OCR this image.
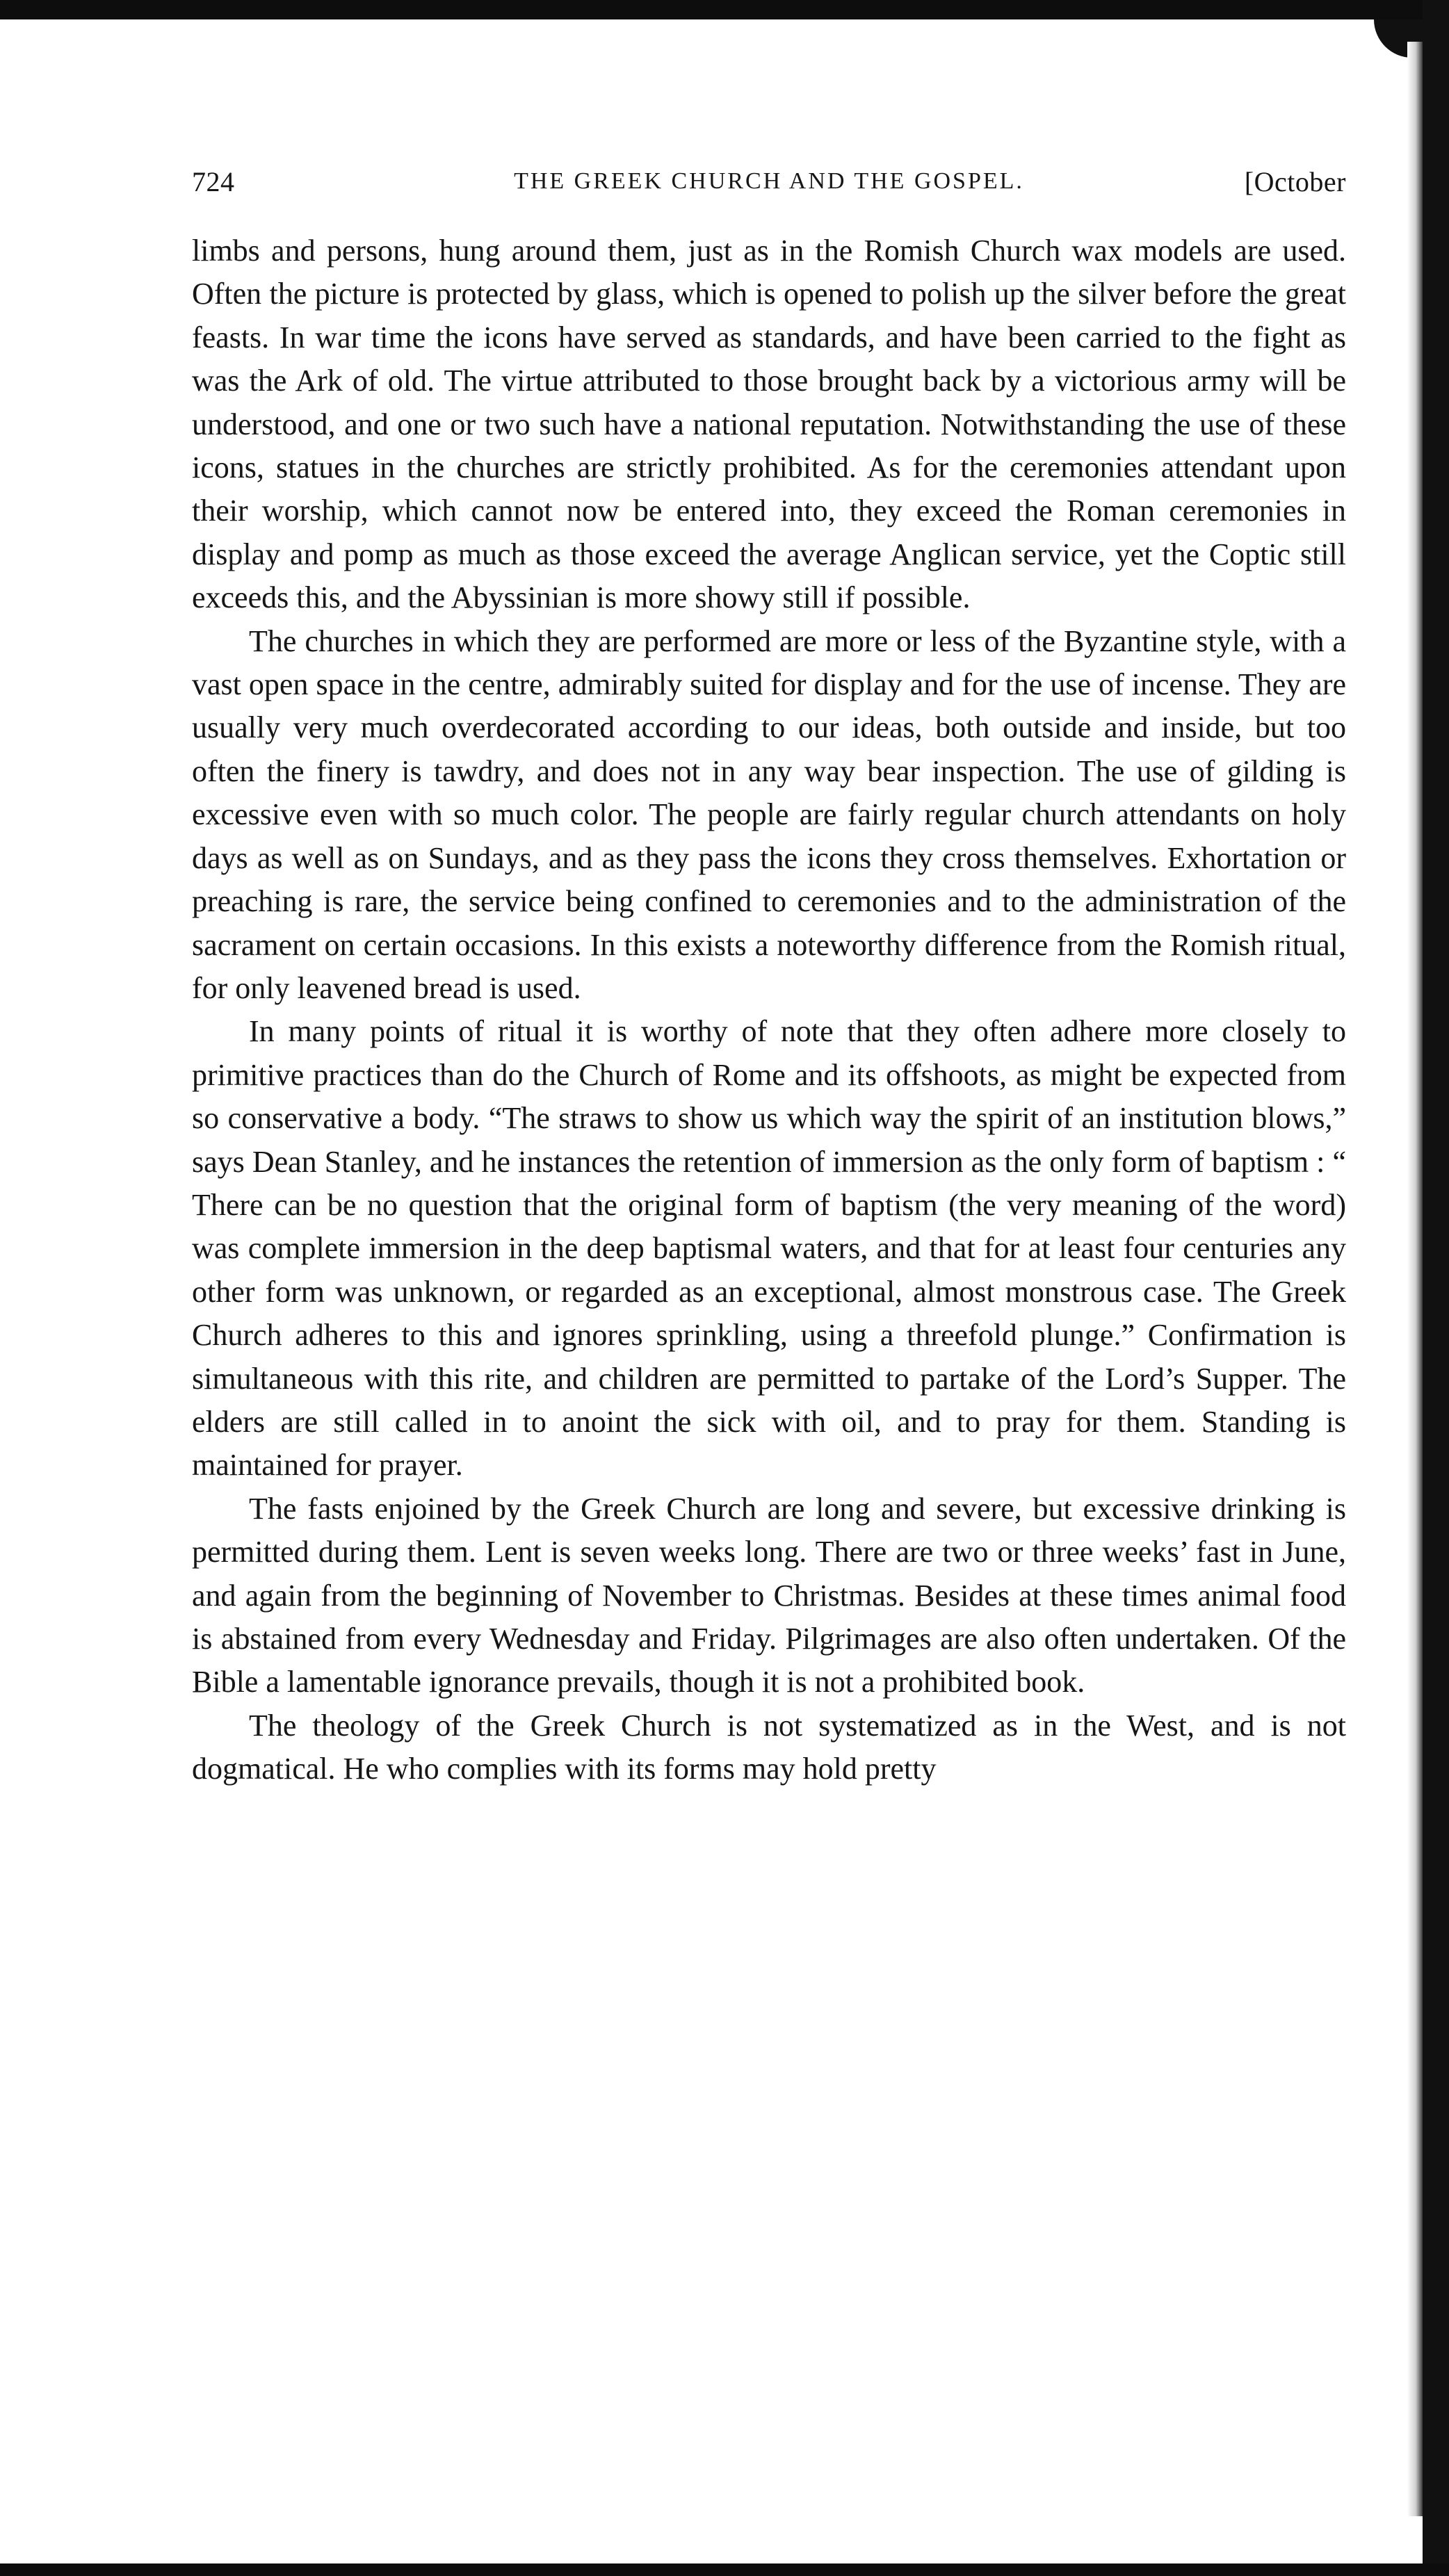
724	THE GREEK CHURCH AND THE GOSPEL.	[October

limbs and persons, hung around them, just as in the Romish Church wax models are used. Often the picture is protected by glass, which is opened to polish up the silver before the great feasts. In war time the icons have served as standards, and have been carried to the fight as was the Ark of old. The virtue attributed to those brought back by a victorious army will be understood, and one or two such have a national reputation. Notwithstanding the use of these icons, statues in the churches are strictly prohibited. As for the ceremonies attendant upon their worship, which cannot now be entered into, they exceed the Roman ceremonies in display and pomp as much as those exceed the average Anglican service, yet the Coptic still exceeds this, and the Abyssinian is more showy still if possible.

The churches in which they are performed are more or less of the Byzantine style, with a vast open space in the centre, admirably suited for display and for the use of incense. They are usually very much overdecorated according to our ideas, both outside and inside, but too often the finery is tawdry, and does not in any way bear inspection. The use of gilding is excessive even with so much color. The people are fairly regular church attendants on holy days as well as on Sundays, and as they pass the icons they cross themselves. Exhortation or preaching is rare, the service being confined to ceremonies and to the administration of the sacrament on certain occasions. In this exists a noteworthy difference from the Romish ritual, for only leavened bread is used.

In many points of ritual it is worthy of note that they often adhere more closely to primitive practices than do the Church of Rome and its offshoots, as might be expected from so conservative a body. “The straws to show us which way the spirit of an institution blows,” says Dean Stanley, and he instances the retention of immersion as the only form of baptism : “ There can be no question that the original form of baptism (the very meaning of the word) was complete immersion in the deep baptismal waters, and that for at least four centuries any other form was unknown, or regarded as an exceptional, almost monstrous case. The Greek Church adheres to this and ignores sprinkling, using a threefold plunge.” Confirmation is simultaneous with this rite, and children are permitted to partake of the Lord’s Supper. The elders are still called in to anoint the sick with oil, and to pray for them. Standing is maintained for prayer.

The fasts enjoined by the Greek Church are long and severe, but excessive drinking is permitted during them. Lent is seven weeks long. There are two or three weeks’ fast in June, and again from the beginning of November to Christmas. Besides at these times animal food is abstained from every Wednesday and Friday. Pilgrimages are also often undertaken. Of the Bible a lamentable ignorance prevails, though it is not a prohibited book.

The theology of the Greek Church is not systematized as in the West, and is not dogmatical. He who complies with its forms may hold pretty
